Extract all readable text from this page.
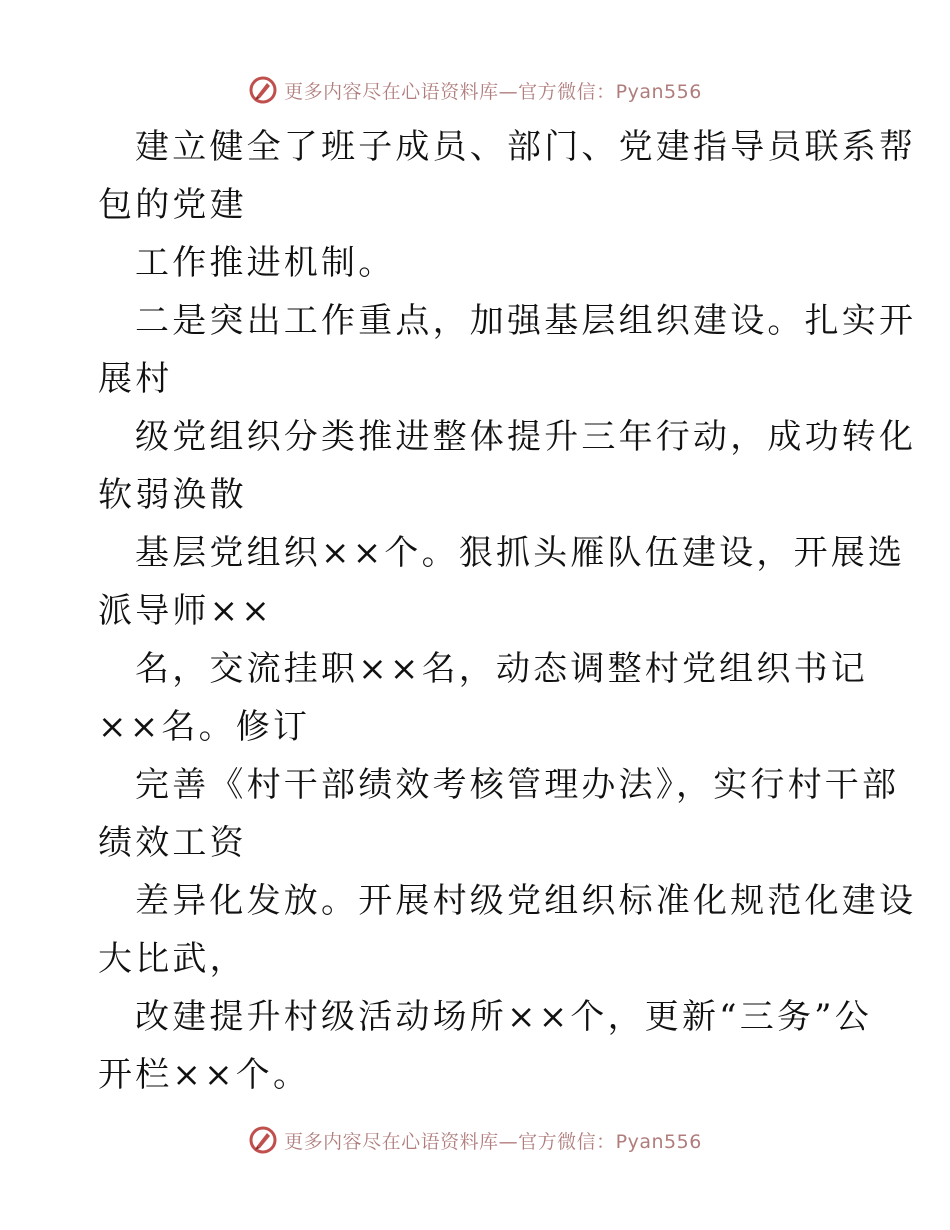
更多内容尽在心语资料库—官方微信：Pyan556
建立健全了班子成员、部门、党建指导员联系帮
包的党建
工作推进机制。
二是突出工作重点，加强基层组织建设。扎实开
展村
级党组织分类推进整体提升三年行动，成功转化
软弱涣散
基层党组织××个。狠抓头雁队伍建设，开展选
派导师××
名，交流挂职××名，动态调整村党组织书记
××名。修订
完善《村干部绩效考核管理办法》，实行村干部
绩效工资
差异化发放。开展村级党组织标准化规范化建设
大比武，
改建提升村级活动场所××个，更新“三务”公
开栏××个。
更多内容尽在心语资料库—官方微信：Pyan556
